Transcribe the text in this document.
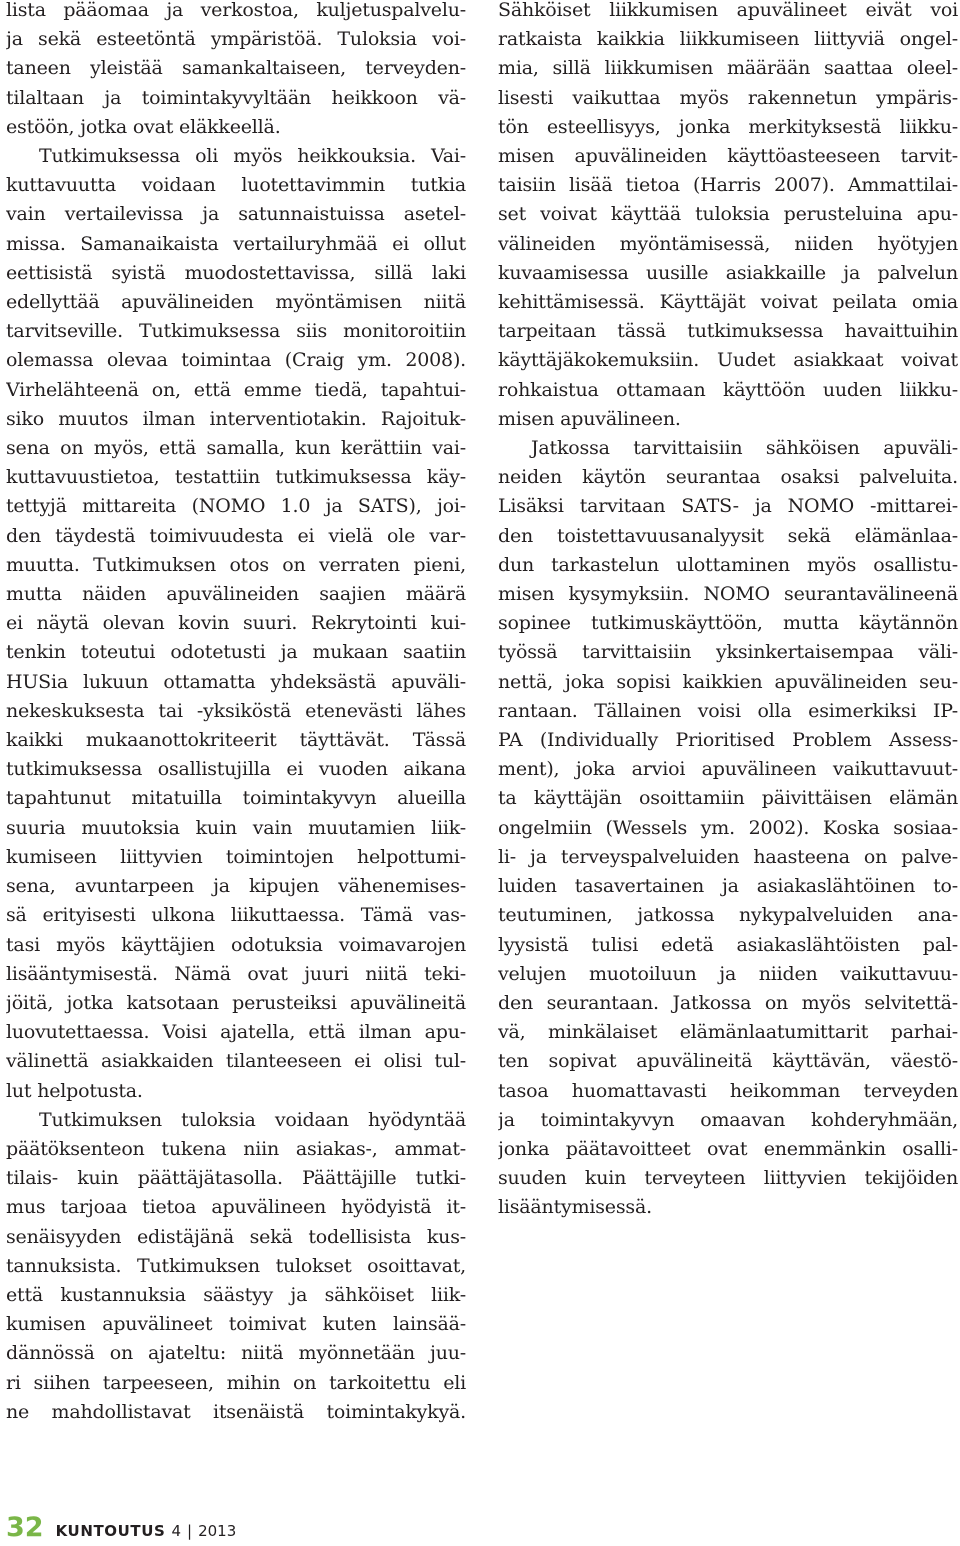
lista pääomaa ja verkostoa, kuljetuspalvelu-
ja sekä esteetöntä ympäristöä. Tuloksia voi-
taneen yleistää samankaltaiseen, terveyden-
tilaltaan ja toimintakyvyltään heikkoon vä-
estöön, jotka ovat eläkkeellä.
Tutkimuksessa oli myös heikkouksia. Vai-
kuttavuutta voidaan luotettavimmin tutkia
vain vertailevissa ja satunnaistuissa asetel-
missa. Samanaikaista vertailuryhmää ei ollut
eettisistä syistä muodostettavissa, sillä laki
edellyttää apuvälineiden myöntämisen niitä
tarvitseville. Tutkimuksessa siis monitoroitiin
olemassa olevaa toimintaa (Craig ym. 2008).
Virhelähteenä on, että emme tiedä, tapahtui-
siko muutos ilman interventiotakin. Rajoituk-
sena on myös, että samalla, kun kerättiin vai-
kuttavuustietoa, testattiin tutkimuksessa käy-
tettyjä mittareita (NOMO 1.0 ja SATS), joi-
den täydestä toimivuudesta ei vielä ole var-
muutta. Tutkimuksen otos on verraten pieni,
mutta näiden apuvälineiden saajien määrä
ei näytä olevan kovin suuri. Rekrytointi kui-
tenkin toteutui odotetusti ja mukaan saatiin
HUSia lukuun ottamatta yhdeksästä apuväli-
nekeskuksesta tai -yksiköstä etenevästi lähes
kaikki mukaanottokriteerit täyttävät. Tässä
tutkimuksessa osallistujilla ei vuoden aikana
tapahtunut mitatuilla toimintakyvyn alueilla
suuria muutoksia kuin vain muutamien liik-
kumiseen liittyvien toimintojen helpottumi-
sena, avuntarpeen ja kipujen vähenemises-
sä erityisesti ulkona liikuttaessa. Tämä vas-
tasi myös käyttäjien odotuksia voimavarojen
lisääntymisestä. Nämä ovat juuri niitä teki-
jöitä, jotka katsotaan perusteiksi apuvälineitä
luovutettaessa. Voisi ajatella, että ilman apu-
välinettä asiakkaiden tilanteeseen ei olisi tul-
lut helpotusta.
Tutkimuksen tuloksia voidaan hyödyntää
päätöksenteon tukena niin asiakas-, ammat-
tilais- kuin päättäjätasolla. Päättäjille tutki-
mus tarjoaa tietoa apuvälineen hyödyistä it-
senäisyyden edistäjänä sekä todellisista kus-
tannuksista. Tutkimuksen tulokset osoittavat,
että kustannuksia säästyy ja sähköiset liik-
kumisen apuvälineet toimivat kuten lainsää-
dännössä on ajateltu: niitä myönnetään juu-
ri siihen tarpeeseen, mihin on tarkoitettu eli
ne mahdollistavat itsenäistä toimintakykyä.
Sähköiset liikkumisen apuvälineet eivät voi
ratkaista kaikkia liikkumiseen liittyviä ongel-
mia, sillä liikkumisen määrään saattaa oleel-
lisesti vaikuttaa myös rakennetun ympäris-
tön esteellisyys, jonka merkityksestä liikku-
misen apuvälineiden käyttöasteeseen tarvit-
taisiin lisää tietoa (Harris 2007). Ammattilai-
set voivat käyttää tuloksia perusteluina apu-
välineiden myöntämisessä, niiden hyötyjen
kuvaamisessa uusille asiakkaille ja palvelun
kehittämisessä. Käyttäjät voivat peilata omia
tarpeitaan tässä tutkimuksessa havaittuihin
käyttäjäkokemuksiin. Uudet asiakkaat voivat
rohkaistua ottamaan käyttöön uuden liikku-
misen apuvälineen.
Jatkossa tarvittaisiin sähköisen apuväli-
neiden käytön seurantaa osaksi palveluita.
Lisäksi tarvitaan SATS- ja NOMO -mittarei-
den toistettavuusanalyysit sekä elämänlaa-
dun tarkastelun ulottaminen myös osallistu-
misen kysymyksiin. NOMO seurantavälineenä
sopinee tutkimuskäyttöön, mutta käytännön
työssä tarvittaisiin yksinkertaisempaa väli-
nettä, joka sopisi kaikkien apuvälineiden seu-
rantaan. Tällainen voisi olla esimerkiksi IP-
PA (Individually Prioritised Problem Assess-
ment), joka arvioi apuvälineen vaikuttavuut-
ta käyttäjän osoittamiin päivittäisen elämän
ongelmiin (Wessels ym. 2002). Koska sosiaa-
li- ja terveyspalveluiden haasteena on palve-
luiden tasavertainen ja asiakaslähtöinen to-
teutuminen, jatkossa nykypalveluiden ana-
lyysistä tulisi edetä asiakaslähtöisten pal-
velujen muotoiluun ja niiden vaikuttavuu-
den seurantaan. Jatkossa on myös selvitettä-
vä, minkälaiset elämänlaatumittarit parhai-
ten sopivat apuvälineitä käyttävän, väestö-
tasoa huomattavasti heikomman terveyden
ja toimintakyvyn omaavan kohderyhmään,
jonka päätavoitteet ovat enemmänkin osalli-
suuden kuin terveyteen liittyvien tekijöiden
lisääntymisessä.
32 KUNTOUTUS 4 | 2013
